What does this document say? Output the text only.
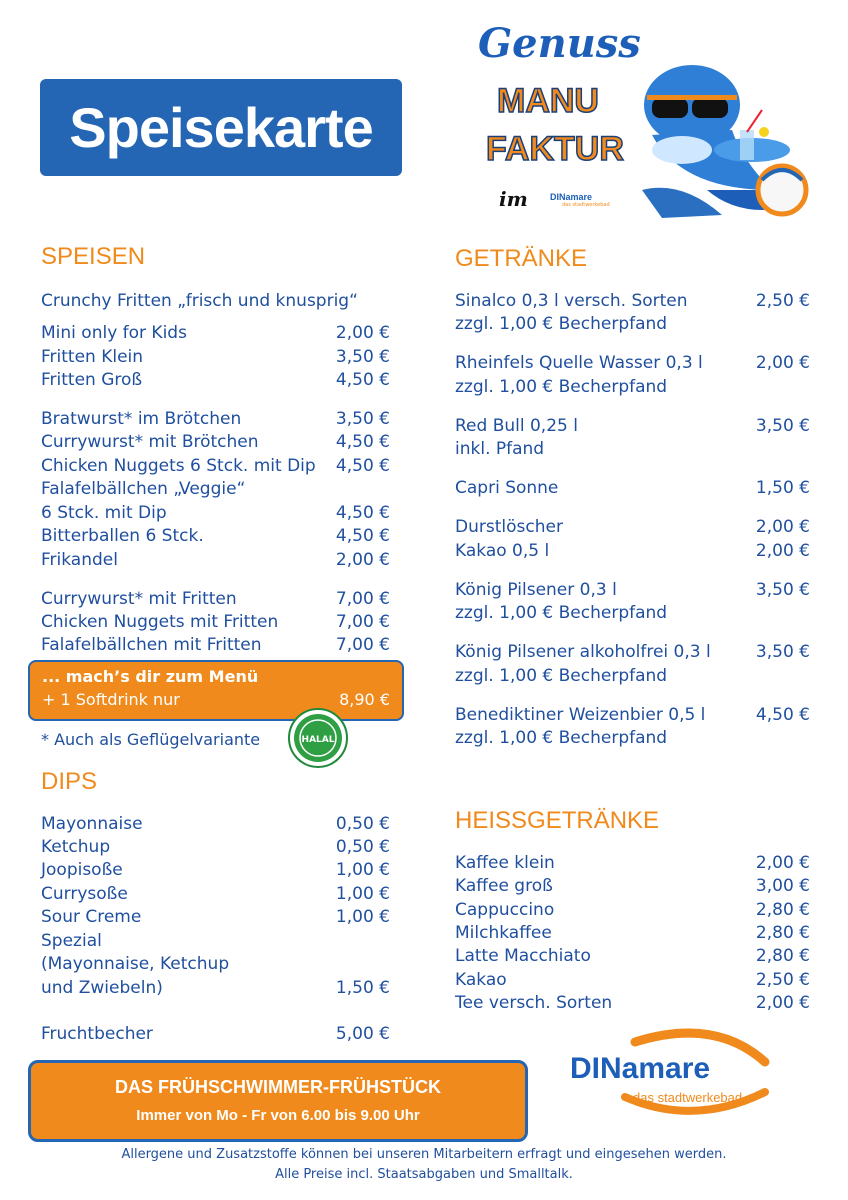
Speisekarte
Genuss
MANU
FAKTUR
im DINamare
das stadtwerkebad
SPEISEN
Crunchy Fritten „frisch und knusprig“
Mini only for Kids	2,00 €
Fritten Klein	3,50 €
Fritten Groß	4,50 €
Bratwurst* im Brötchen	3,50 €
Currywurst* mit Brötchen	4,50 €
Chicken Nuggets 6 Stck. mit Dip	4,50 €
Falafelbällchen „Veggie“
6 Stck. mit Dip	4,50 €
Bitterballen 6 Stck.	4,50 €
Frikandel	2,00 €
Currywurst* mit Fritten	7,00 €
Chicken Nuggets mit Fritten	7,00 €
Falafelbällchen mit Fritten	7,00 €
... mach’s dir zum Menü
+ 1 Softdrink nur	8,90 €
* Auch als Geflügelvariante	HALAL
DIPS
Mayonnaise	0,50 €
Ketchup	0,50 €
Joopisoße	1,00 €
Currysoße	1,00 €
Sour Creme	1,00 €
Spezial
(Mayonnaise, Ketchup
und Zwiebeln)	1,50 €
Fruchtbecher	5,00 €
GETRÄNKE
Sinalco 0,3 l versch. Sorten	2,50 €
zzgl. 1,00 € Becherpfand
Rheinfels Quelle Wasser 0,3 l	2,00 €
zzgl. 1,00 € Becherpfand
Red Bull 0,25 l	3,50 €
inkl. Pfand
Capri Sonne	1,50 €
Durstlöscher	2,00 €
Kakao 0,5 l	2,00 €
König Pilsener 0,3 l	3,50 €
zzgl. 1,00 € Becherpfand
König Pilsener alkoholfrei 0,3 l	3,50 €
zzgl. 1,00 € Becherpfand
Benediktiner Weizenbier 0,5 l	4,50 €
zzgl. 1,00 € Becherpfand
HEISSGETRÄNKE
Kaffee klein	2,00 €
Kaffee groß	3,00 €
Cappuccino	2,80 €
Milchkaffee	2,80 €
Latte Macchiato	2,80 €
Kakao	2,50 €
Tee versch. Sorten	2,00 €
DAS FRÜHSCHWIMMER-FRÜHSTÜCK
Immer von Mo - Fr von 6.00 bis 9.00 Uhr
DINamare
das stadtwerkebad
Allergene und Zusatzstoffe können bei unseren Mitarbeitern erfragt und eingesehen werden.
Alle Preise incl. Staatsabgaben und Smalltalk.
